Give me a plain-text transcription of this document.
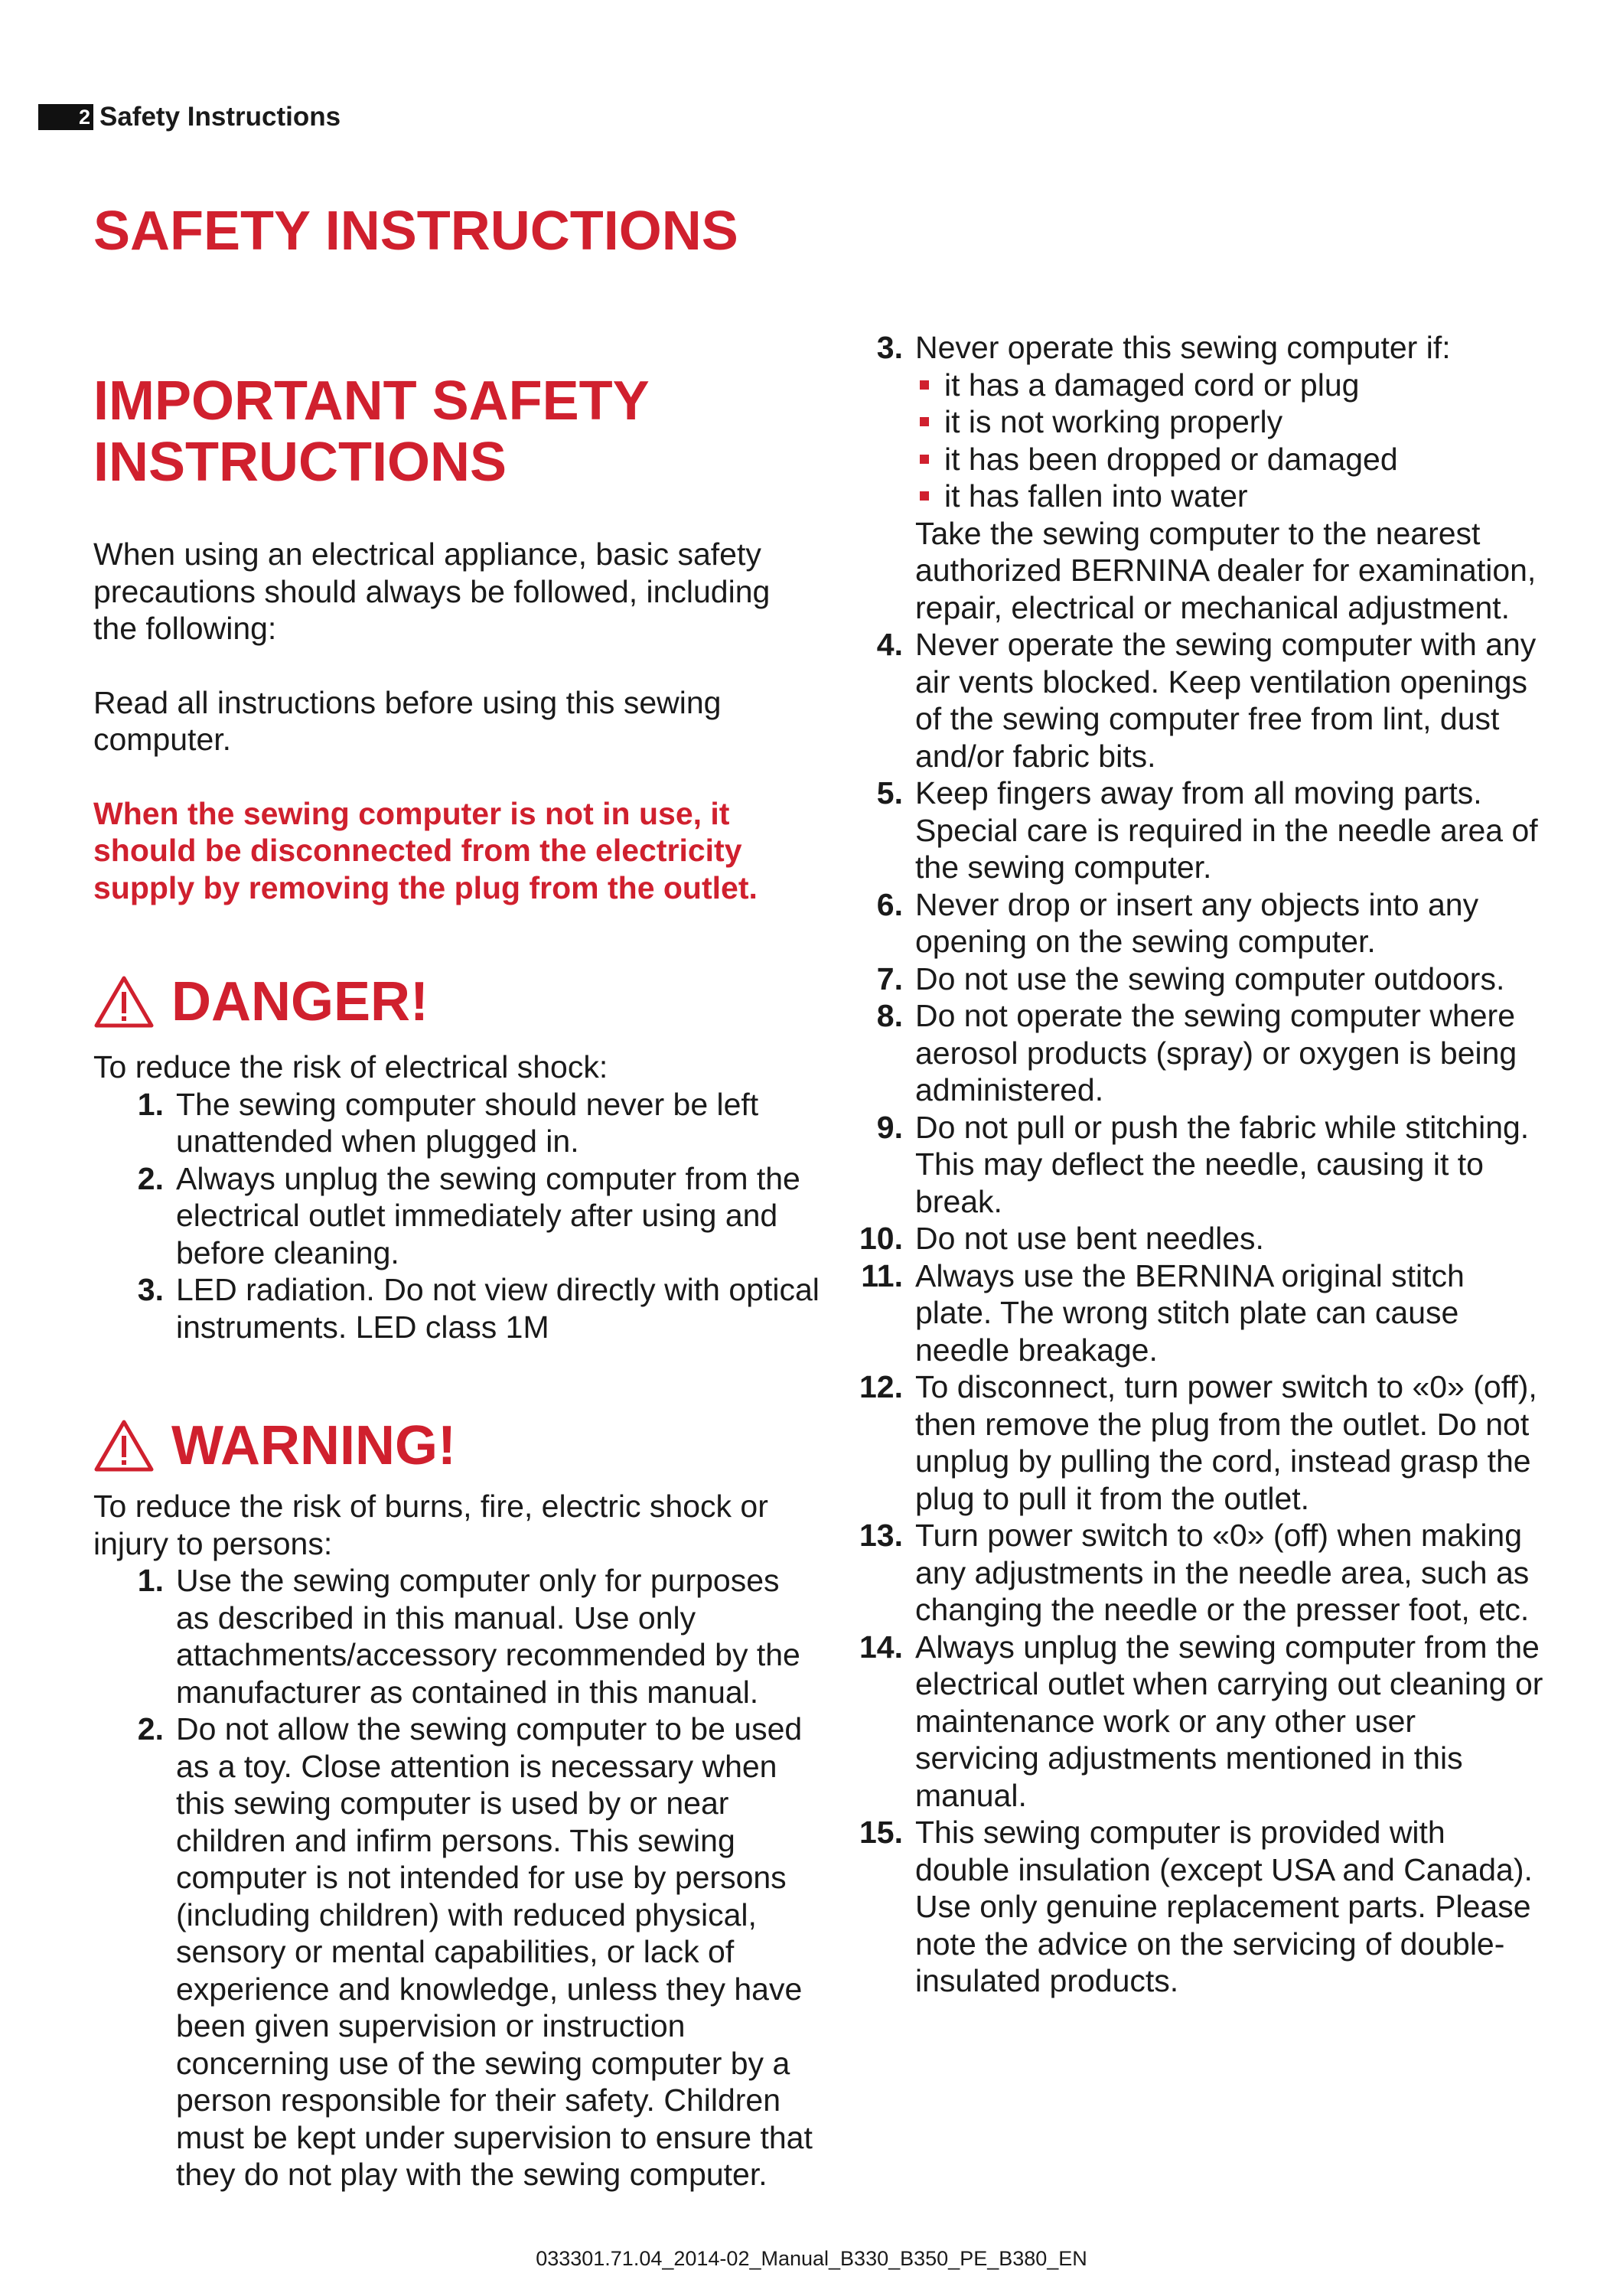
2 Safety Instructions
SAFETY INSTRUCTIONS
IMPORTANT SAFETY INSTRUCTIONS

When using an electrical appliance, basic safety precautions should always be followed, including the following:

Read all instructions before using this sewing computer.

When the sewing computer is not in use, it should be disconnected from the electricity supply by removing the plug from the outlet.

DANGER!

To reduce the risk of electrical shock:

1. The sewing computer should never be left unattended when plugged in.
2. Always unplug the sewing computer from the electrical outlet immediately after using and before cleaning.
3. LED radiation. Do not view directly with optical instruments. LED class 1M
WARNING!

To reduce the risk of burns, fire, electric shock or injury to persons:

1. Use the sewing computer only for purposes as described in this manual. Use only attachments/accessory recommended by the manufacturer as contained in this manual.
2. Do not allow the sewing computer to be used as a toy. Close attention is necessary when this sewing computer is used by or near children and infirm persons. This sewing computer is not intended for use by persons (including children) with reduced physical, sensory or mental capabilities, or lack of experience and knowledge, unless they have been given supervision or instruction concerning use of the sewing computer by a person responsible for their safety. Children must be kept under supervision to ensure that they do not play with the sewing computer.
3. Never operate this sewing computer if:
it has a damaged cord or plug
it is not working properly
it has been dropped or damaged
it has fallen into water
Take the sewing computer to the nearest authorized BERNINA dealer for examination, repair, electrical or mechanical adjustment.
4. Never operate the sewing computer with any air vents blocked. Keep ventilation openings of the sewing computer free from lint, dust and/or fabric bits.
5. Keep fingers away from all moving parts. Special care is required in the needle area of the sewing computer.
6. Never drop or insert any objects into any opening on the sewing computer.
7. Do not use the sewing computer outdoors.
8. Do not operate the sewing computer where aerosol products (spray) or oxygen is being administered.
9. Do not pull or push the fabric while stitching. This may deflect the needle, causing it to break.
10. Do not use bent needles.
11. Always use the BERNINA original stitch plate. The wrong stitch plate can cause needle breakage.
12. To disconnect, turn power switch to «0» (off), then remove the plug from the outlet. Do not unplug by pulling the cord, instead grasp the plug to pull it from the outlet.
13. Turn power switch to «0» (off) when making any adjustments in the needle area, such as changing the needle or the presser foot, etc.
14. Always unplug the sewing computer from the electrical outlet when carrying out cleaning or maintenance work or any other user servicing adjustments mentioned in this manual.
15. This sewing computer is provided with double insulation (except USA and Canada). Use only genuine replacement parts. Please note the advice on the servicing of double-insulated products.
033301.71.04_2014-02_Manual_B330_B350_PE_B380_EN
